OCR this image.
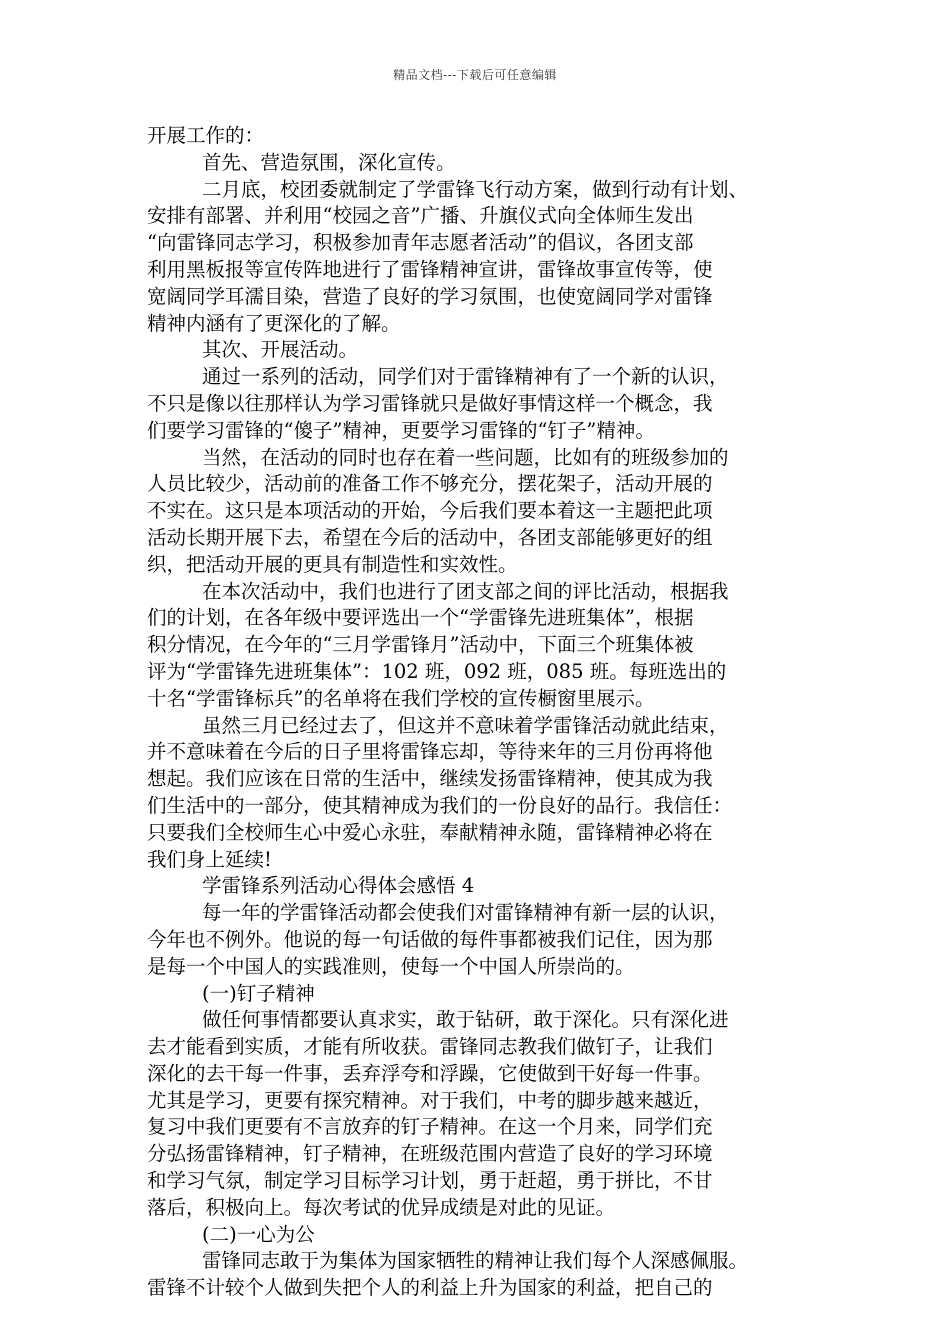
精品文档---下载后可任意编辑
开展工作的：
首先、营造氛围，深化宣传。
二月底，校团委就制定了学雷锋飞行动方案，做到行动有计划、
安排有部署、并利用“校园之音”广播、升旗仪式向全体师生发出
“向雷锋同志学习，积极参加青年志愿者活动”的倡议，各团支部
利用黑板报等宣传阵地进行了雷锋精神宣讲，雷锋故事宣传等，使
宽阔同学耳濡目染，营造了良好的学习氛围，也使宽阔同学对雷锋
精神内涵有了更深化的了解。
其次、开展活动。
通过一系列的活动，同学们对于雷锋精神有了一个新的认识，
不只是像以往那样认为学习雷锋就只是做好事情这样一个概念，我
们要学习雷锋的“傻子”精神，更要学习雷锋的“钉子”精神。
当然，在活动的同时也存在着一些问题，比如有的班级参加的
人员比较少，活动前的准备工作不够充分，摆花架子，活动开展的
不实在。这只是本项活动的开始，今后我们要本着这一主题把此项
活动长期开展下去，希望在今后的活动中，各团支部能够更好的组
织，把活动开展的更具有制造性和实效性。
在本次活动中，我们也进行了团支部之间的评比活动，根据我
们的计划，在各年级中要评选出一个“学雷锋先进班集体”，根据
积分情况，在今年的“三月学雷锋月”活动中，下面三个班集体被
评为“学雷锋先进班集体”：102 班，092 班，085 班。每班选出的
十名“学雷锋标兵”的名单将在我们学校的宣传橱窗里展示。
虽然三月已经过去了，但这并不意味着学雷锋活动就此结束，
并不意味着在今后的日子里将雷锋忘却，等待来年的三月份再将他
想起。我们应该在日常的生活中，继续发扬雷锋精神，使其成为我
们生活中的一部分，使其精神成为我们的一份良好的品行。我信任：
只要我们全校师生心中爱心永驻，奉献精神永随，雷锋精神必将在
我们身上延续!
学雷锋系列活动心得体会感悟 4
每一年的学雷锋活动都会使我们对雷锋精神有新一层的认识，
今年也不例外。他说的每一句话做的每件事都被我们记住，因为那
是每一个中国人的实践准则，使每一个中国人所崇尚的。
(一)钉子精神
做任何事情都要认真求实，敢于钻研，敢于深化。只有深化进
去才能看到实质，才能有所收获。雷锋同志教我们做钉子，让我们
深化的去干每一件事，丢弃浮夸和浮躁，它使做到干好每一件事。
尤其是学习，更要有探究精神。对于我们，中考的脚步越来越近，
复习中我们更要有不言放弃的钉子精神。在这一个月来，同学们充
分弘扬雷锋精神，钉子精神，在班级范围内营造了良好的学习环境
和学习气氛，制定学习目标学习计划，勇于赶超，勇于拼比，不甘
落后，积极向上。每次考试的优异成绩是对此的见证。
(二)一心为公
雷锋同志敢于为集体为国家牺牲的精神让我们每个人深感佩服。
雷锋不计较个人做到失把个人的利益上升为国家的利益，把自己的
